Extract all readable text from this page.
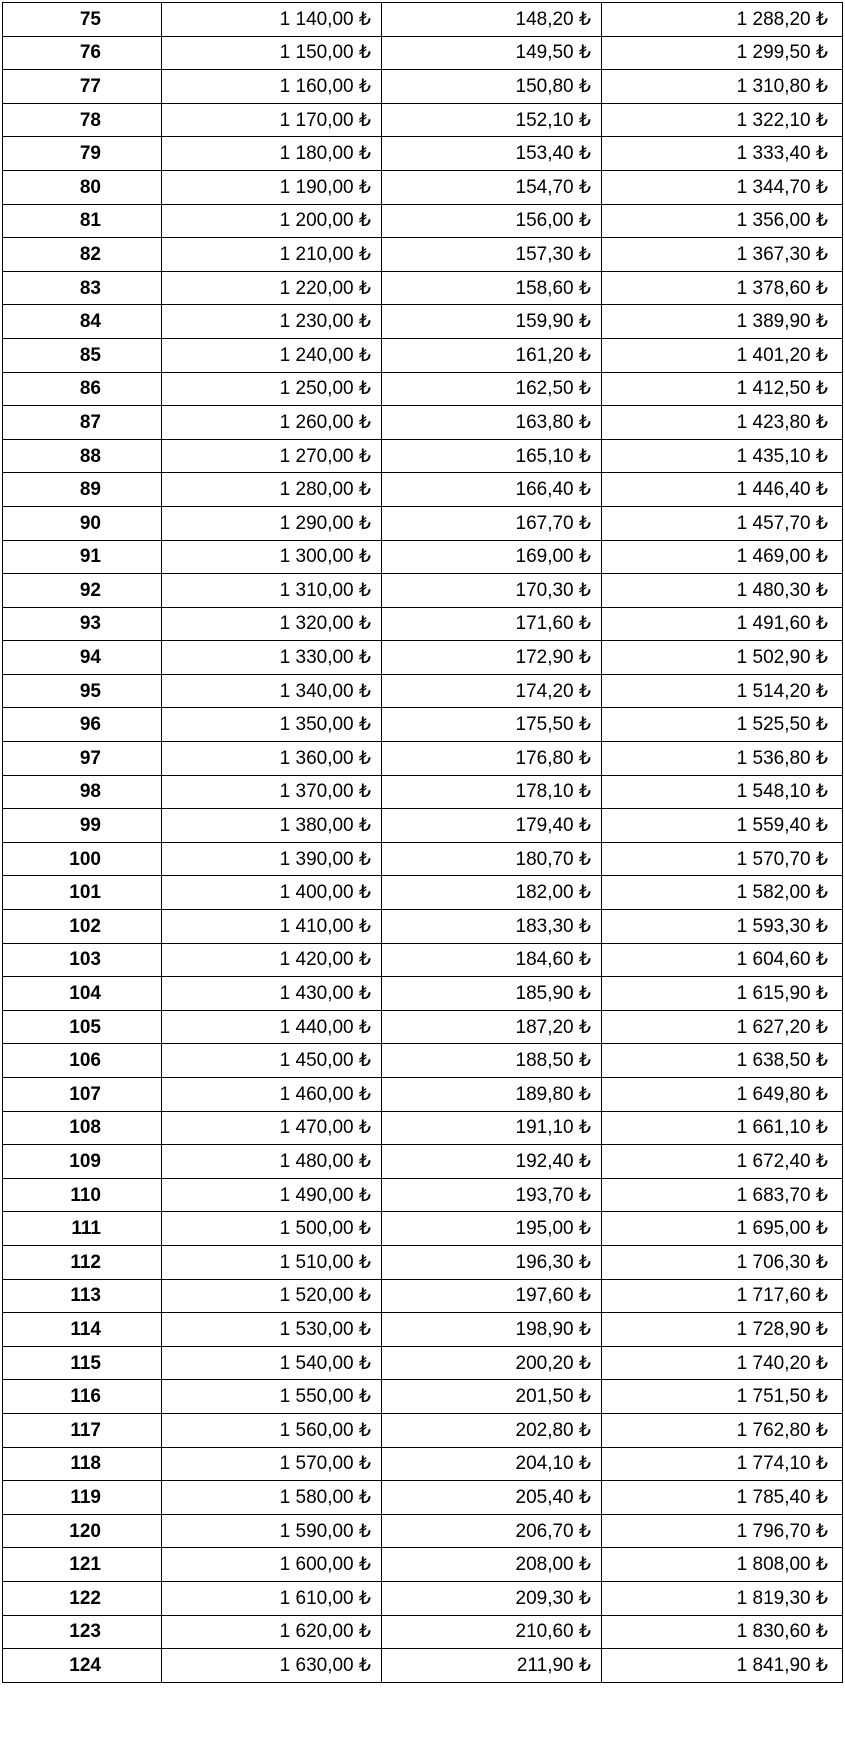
75	1 140,00 ₺	148,20 ₺	1 288,20 ₺
76	1 150,00 ₺	149,50 ₺	1 299,50 ₺
77	1 160,00 ₺	150,80 ₺	1 310,80 ₺
78	1 170,00 ₺	152,10 ₺	1 322,10 ₺
79	1 180,00 ₺	153,40 ₺	1 333,40 ₺
80	1 190,00 ₺	154,70 ₺	1 344,70 ₺
81	1 200,00 ₺	156,00 ₺	1 356,00 ₺
82	1 210,00 ₺	157,30 ₺	1 367,30 ₺
83	1 220,00 ₺	158,60 ₺	1 378,60 ₺
84	1 230,00 ₺	159,90 ₺	1 389,90 ₺
85	1 240,00 ₺	161,20 ₺	1 401,20 ₺
86	1 250,00 ₺	162,50 ₺	1 412,50 ₺
87	1 260,00 ₺	163,80 ₺	1 423,80 ₺
88	1 270,00 ₺	165,10 ₺	1 435,10 ₺
89	1 280,00 ₺	166,40 ₺	1 446,40 ₺
90	1 290,00 ₺	167,70 ₺	1 457,70 ₺
91	1 300,00 ₺	169,00 ₺	1 469,00 ₺
92	1 310,00 ₺	170,30 ₺	1 480,30 ₺
93	1 320,00 ₺	171,60 ₺	1 491,60 ₺
94	1 330,00 ₺	172,90 ₺	1 502,90 ₺
95	1 340,00 ₺	174,20 ₺	1 514,20 ₺
96	1 350,00 ₺	175,50 ₺	1 525,50 ₺
97	1 360,00 ₺	176,80 ₺	1 536,80 ₺
98	1 370,00 ₺	178,10 ₺	1 548,10 ₺
99	1 380,00 ₺	179,40 ₺	1 559,40 ₺
100	1 390,00 ₺	180,70 ₺	1 570,70 ₺
101	1 400,00 ₺	182,00 ₺	1 582,00 ₺
102	1 410,00 ₺	183,30 ₺	1 593,30 ₺
103	1 420,00 ₺	184,60 ₺	1 604,60 ₺
104	1 430,00 ₺	185,90 ₺	1 615,90 ₺
105	1 440,00 ₺	187,20 ₺	1 627,20 ₺
106	1 450,00 ₺	188,50 ₺	1 638,50 ₺
107	1 460,00 ₺	189,80 ₺	1 649,80 ₺
108	1 470,00 ₺	191,10 ₺	1 661,10 ₺
109	1 480,00 ₺	192,40 ₺	1 672,40 ₺
110	1 490,00 ₺	193,70 ₺	1 683,70 ₺
111	1 500,00 ₺	195,00 ₺	1 695,00 ₺
112	1 510,00 ₺	196,30 ₺	1 706,30 ₺
113	1 520,00 ₺	197,60 ₺	1 717,60 ₺
114	1 530,00 ₺	198,90 ₺	1 728,90 ₺
115	1 540,00 ₺	200,20 ₺	1 740,20 ₺
116	1 550,00 ₺	201,50 ₺	1 751,50 ₺
117	1 560,00 ₺	202,80 ₺	1 762,80 ₺
118	1 570,00 ₺	204,10 ₺	1 774,10 ₺
119	1 580,00 ₺	205,40 ₺	1 785,40 ₺
120	1 590,00 ₺	206,70 ₺	1 796,70 ₺
121	1 600,00 ₺	208,00 ₺	1 808,00 ₺
122	1 610,00 ₺	209,30 ₺	1 819,30 ₺
123	1 620,00 ₺	210,60 ₺	1 830,60 ₺
124	1 630,00 ₺	211,90 ₺	1 841,90 ₺
